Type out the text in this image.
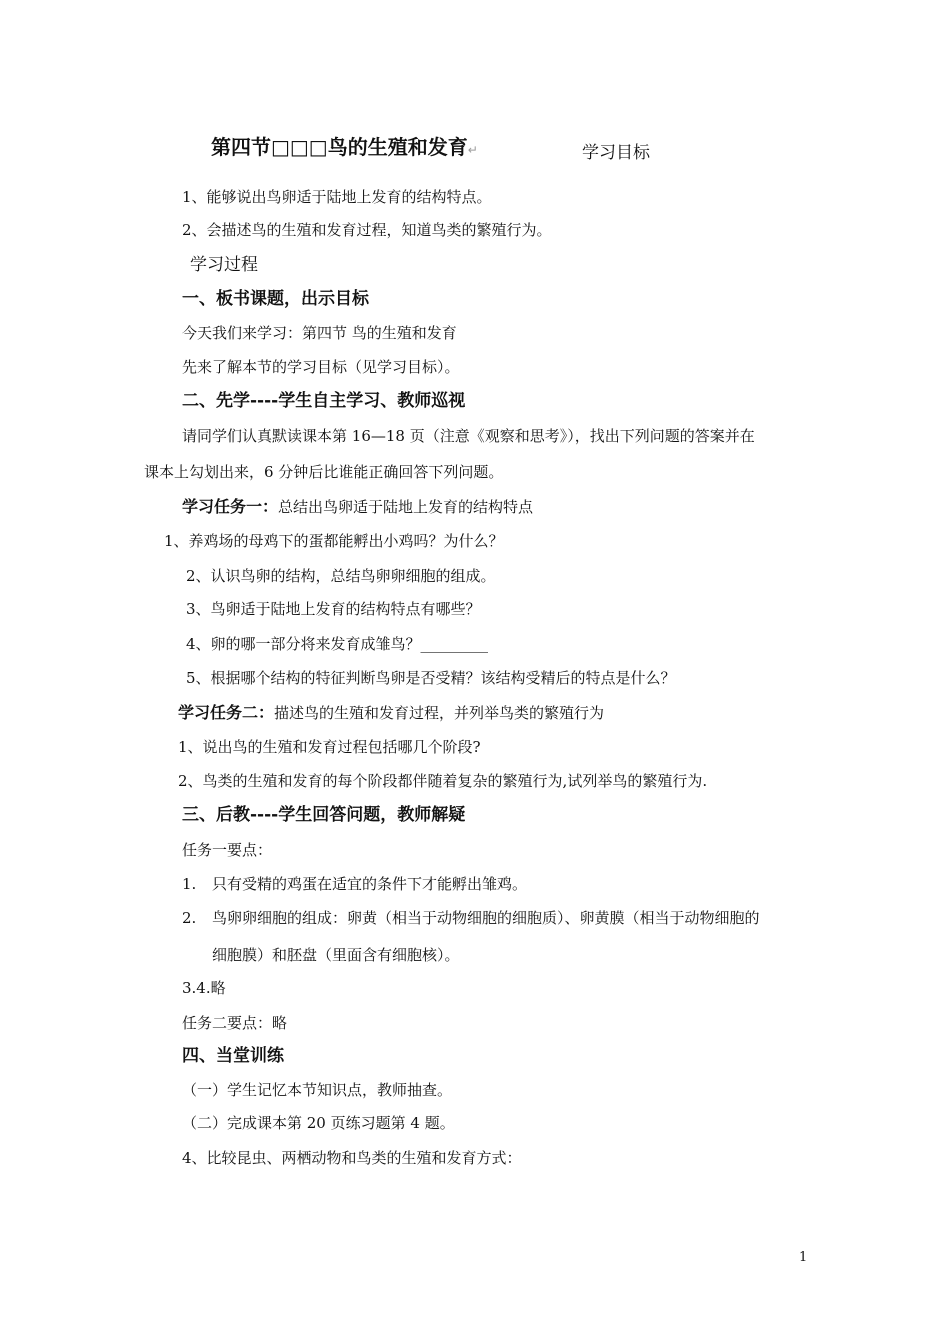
第四节□□□鸟的生殖和发育↵	学习目标
1、能够说出鸟卵适于陆地上发育的结构特点。
2、会描述鸟的生殖和发育过程，知道鸟类的繁殖行为。
学习过程
一、板书课题，出示目标
今天我们来学习：第四节 鸟的生殖和发育
先来了解本节的学习目标（见学习目标）。
二、先学----学生自主学习、教师巡视
请同学们认真默读课本第 16—18 页（注意《观察和思考》），找出下列问题的答案并在
课本上勾划出来，6 分钟后比谁能正确回答下列问题。
学习任务一：总结出鸟卵适于陆地上发育的结构特点
1、养鸡场的母鸡下的蛋都能孵出小鸡吗？为什么？
2、认识鸟卵的结构，总结鸟卵卵细胞的组成。
3、鸟卵适于陆地上发育的结构特点有哪些？
4、卵的哪一部分将来发育成雏鸟？_________
5、根据哪个结构的特征判断鸟卵是否受精？该结构受精后的特点是什么？
学习任务二：描述鸟的生殖和发育过程，并列举鸟类的繁殖行为
1、说出鸟的生殖和发育过程包括哪几个阶段?
2、鸟类的生殖和发育的每个阶段都伴随着复杂的繁殖行为,试列举鸟的繁殖行为.
三、后教----学生回答问题，教师解疑
任务一要点：
1. 只有受精的鸡蛋在适宜的条件下才能孵出雏鸡。
2. 鸟卵卵细胞的组成：卵黄（相当于动物细胞的细胞质）、卵黄膜（相当于动物细胞的
细胞膜）和胚盘（里面含有细胞核）。
3.4.略
任务二要点：略
四、当堂训练
（一）学生记忆本节知识点，教师抽查。
（二）完成课本第 20 页练习题第 4 题。
4、比较昆虫、两栖动物和鸟类的生殖和发育方式：
1
